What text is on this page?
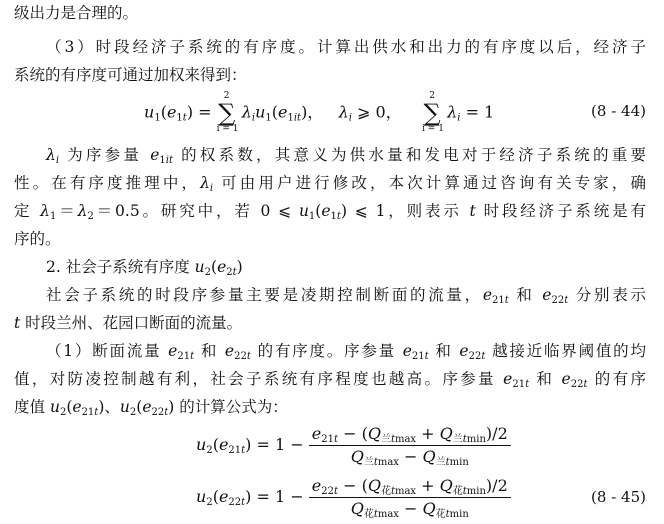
级出力是合理的。
（3）时段经济子系统的有序度。计算出供水和出力的有序度以后，经济子
系统的有序度可通过加权来得到：
$u_1(e_{1t})$ =
2
∑
i = 1
$\lambda_iu_1(e_{1it})$，   $\lambda_i$ ⩾ 0，
2
∑
i = 1
$\lambda_i = 1$	(8 - 44)
$\lambda_i$ 为序参量 $e_{1it}$ 的权系数，其意义为供水量和发电对于经济子系统的重要
性。在有序度推理中，$\lambda_i$ 可由用户进行修改，本次计算通过咨询有关专家，确
定 $\lambda_1=\lambda_2=0.5$。研究中，若 0 ⩽ $u_1(e_{1t})$ ⩽ 1，则表示 t 时段经济子系统是有
序的。
2. 社会子系统有序度 $u_2(e_{2t})$
社会子系统的时段序参量主要是凌期控制断面的流量，$e_{21t}$ 和 $e_{22t}$ 分别表示
t 时段兰州、花园口断面的流量。
（1）断面流量 $e_{21t}$ 和 $e_{22t}$ 的有序度。序参量 $e_{21t}$ 和 $e_{22t}$ 越接近临界阈值的均
值，对防凌控制越有利，社会子系统有序程度也越高。序参量 $e_{21t}$ 和 $e_{22t}$ 的有序
度值 $u_2(e_{21t})$、$u_2(e_{22t})$ 的计算公式为：
$u_2(e_{21t}) = 1 - \frac{e_{21t} - (Q_{兰tmax} + Q_{兰tmin})/2}{Q_{兰tmax} - Q_{兰tmin}}$
$u_2(e_{22t}) = 1 - \frac{e_{22t} - (Q_{花tmax} + Q_{花tmin})/2}{Q_{花tmax} - Q_{花tmin}}$	(8 - 45)
